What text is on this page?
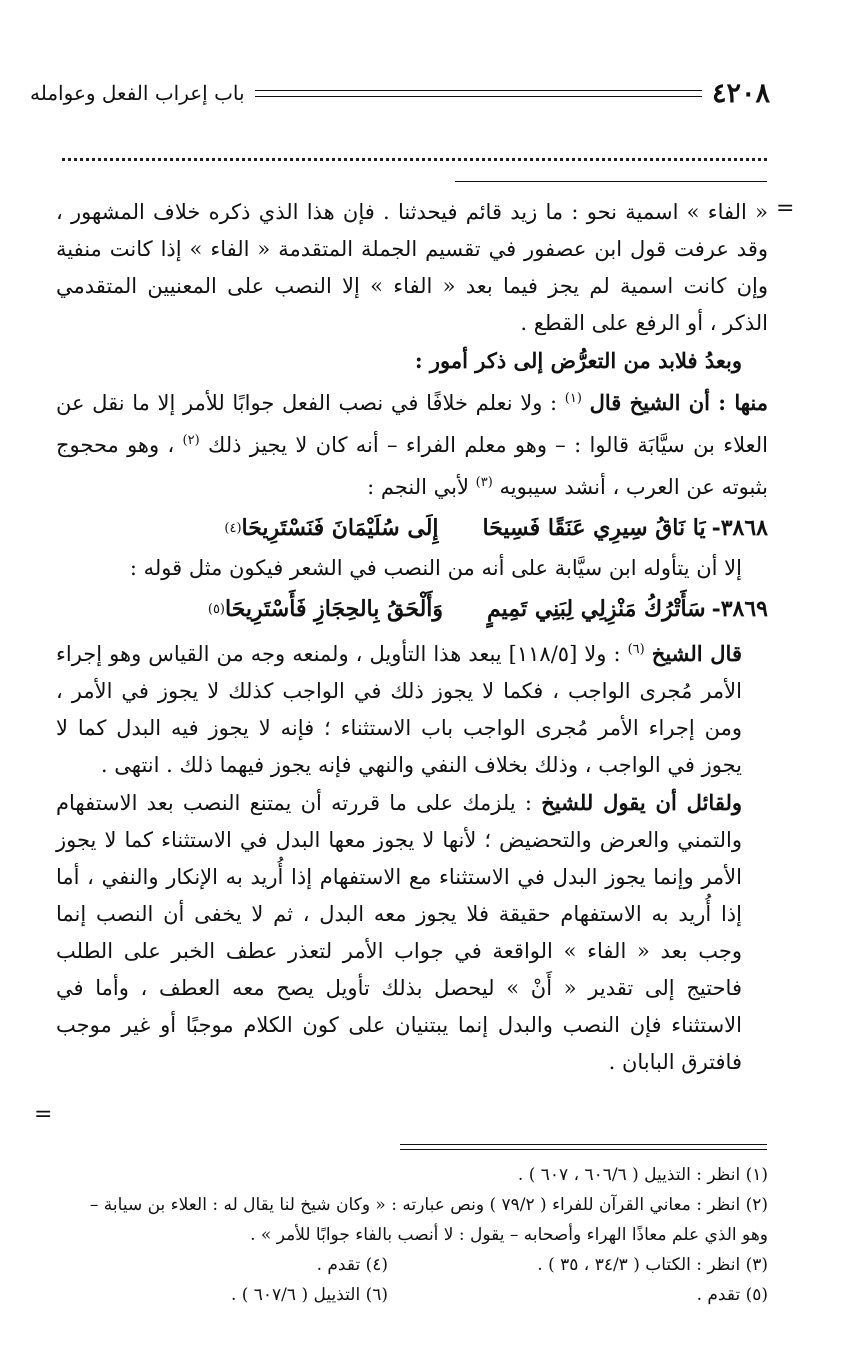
٤٢٠٨
باب إعراب الفعل وعوامله
=
=

« الفاء » اسمية نحو : ما زيد قائم فيحدثنا . فإن هذا الذي ذكره خلاف المشهور ، وقد عرفت قول ابن عصفور في تقسيم الجملة المتقدمة « الفاء » إذا كانت منفية وإن كانت اسمية لم يجز فيما بعد « الفاء » إلا النصب على المعنيين المتقدمي الذكر ، أو الرفع على القطع .

وبعدُ فلابد من التعرُّض إلى ذكر أمور :

منها : أن الشيخ قال $^{(١)}$ : ولا نعلم خلافًا في نصب الفعل جوابًا للأمر إلا ما نقل عن العلاء بن سيَّابَة قالوا : – وهو معلم الفراء – أنه كان لا يجيز ذلك $^{(٢)}$ ، وهو محجوج بثبوته عن العرب ، أنشد سيبويه $^{(٣)}$ لأبي النجم :

٣٨٦٨-
يَا نَاقُ سِيرِي عَنَقًا فَسِيحَا
إِلَى سُلَيْمَانَ فَنَسْتَرِيحَا
(٤)

إلا أن يتأوله ابن سيَّابة على أنه من النصب في الشعر فيكون مثل قوله :

٣٨٦٩-
سَأَتْرُكُ مَنْزِلِي لِبَنِي تَمِيمٍ
وَأَلْحَقُ بِالحِجَازِ فَأَسْتَرِيحَا
(٥)

قال الشيخ $^{(٦)}$ : ولا [١١٨/٥] يبعد هذا التأويل ، ولمنعه وجه من القياس وهو إجراء الأمر مُجرى الواجب ، فكما لا يجوز ذلك في الواجب كذلك لا يجوز في الأمر ، ومن إجراء الأمر مُجرى الواجب باب الاستثناء ؛ فإنه لا يجوز فيه البدل كما لا يجوز في الواجب ، وذلك بخلاف النفي والنهي فإنه يجوز فيهما ذلك . انتهى .

ولقائل أن يقول للشيخ : يلزمك على ما قررته أن يمتنع النصب بعد الاستفهام والتمني والعرض والتحضيض ؛ لأنها لا يجوز معها البدل في الاستثناء كما لا يجوز الأمر وإنما يجوز البدل في الاستثناء مع الاستفهام إذا أُريد به الإنكار والنفي ، أما إذا أُريد به الاستفهام حقيقة فلا يجوز معه البدل ، ثم لا يخفى أن النصب إنما وجب بعد « الفاء » الواقعة في جواب الأمر لتعذر عطف الخبر على الطلب فاحتيج إلى تقدير « أَنْ » ليحصل بذلك تأويل يصح معه العطف ، وأما في الاستثناء فإن النصب والبدل إنما يبتنيان على كون الكلام موجبًا أو غير موجب فافترق البابان .

(١) انظر : التذييل ( ٦٠٦/٦ ، ٦٠٧ ) .

(٢) انظر : معاني القرآن للفراء ( ٧٩/٢ ) ونص عبارته : « وكان شيخ لنا يقال له : العلاء بن سيابة –

وهو الذي علم معاذًا الهراء وأصحابه – يقول : لا أنصب بالفاء جوابًا للأمر » .

(٣) انظر : الكتاب ( ٣٤/٣ ، ٣٥ ) .
(٤) تقدم .
(٥) تقدم .
(٦) التذييل ( ٦٠٧/٦ ) .
